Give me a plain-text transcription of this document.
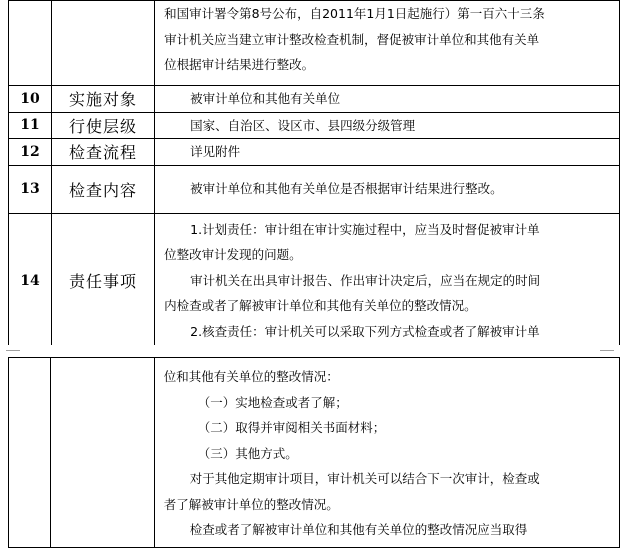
		和国审计署令第8号公布，自2011年1月1日起施行）第一百六十三条

审计机关应当建立审计整改检查机制，督促被审计单位和其他有关单

位根据审计结果进行整改。

10	实施对象	被审计单位和其他有关单位

11	行使层级	国家、自治区、设区市、县四级分级管理

12	检查流程	详见附件

13	检查内容	被审计单位和其他有关单位是否根据审计结果进行整改。

14	责任事项	1.计划责任：审计组在审计实施过程中，应当及时督促被审计单

位整改审计发现的问题。

审计机关在出具审计报告、作出审计决定后，应当在规定的时间

内检查或者了解被审计单位和其他有关单位的整改情况。

2.核查责任：审计机关可以采取下列方式检查或者了解被审计单

位和其他有关单位的整改情况：

（一）实地检查或者了解；

（二）取得并审阅相关书面材料；

（三）其他方式。

对于其他定期审计项目，审计机关可以结合下一次审计，检查或

者了解被审计单位的整改情况。

检查或者了解被审计单位和其他有关单位的整改情况应当取得
